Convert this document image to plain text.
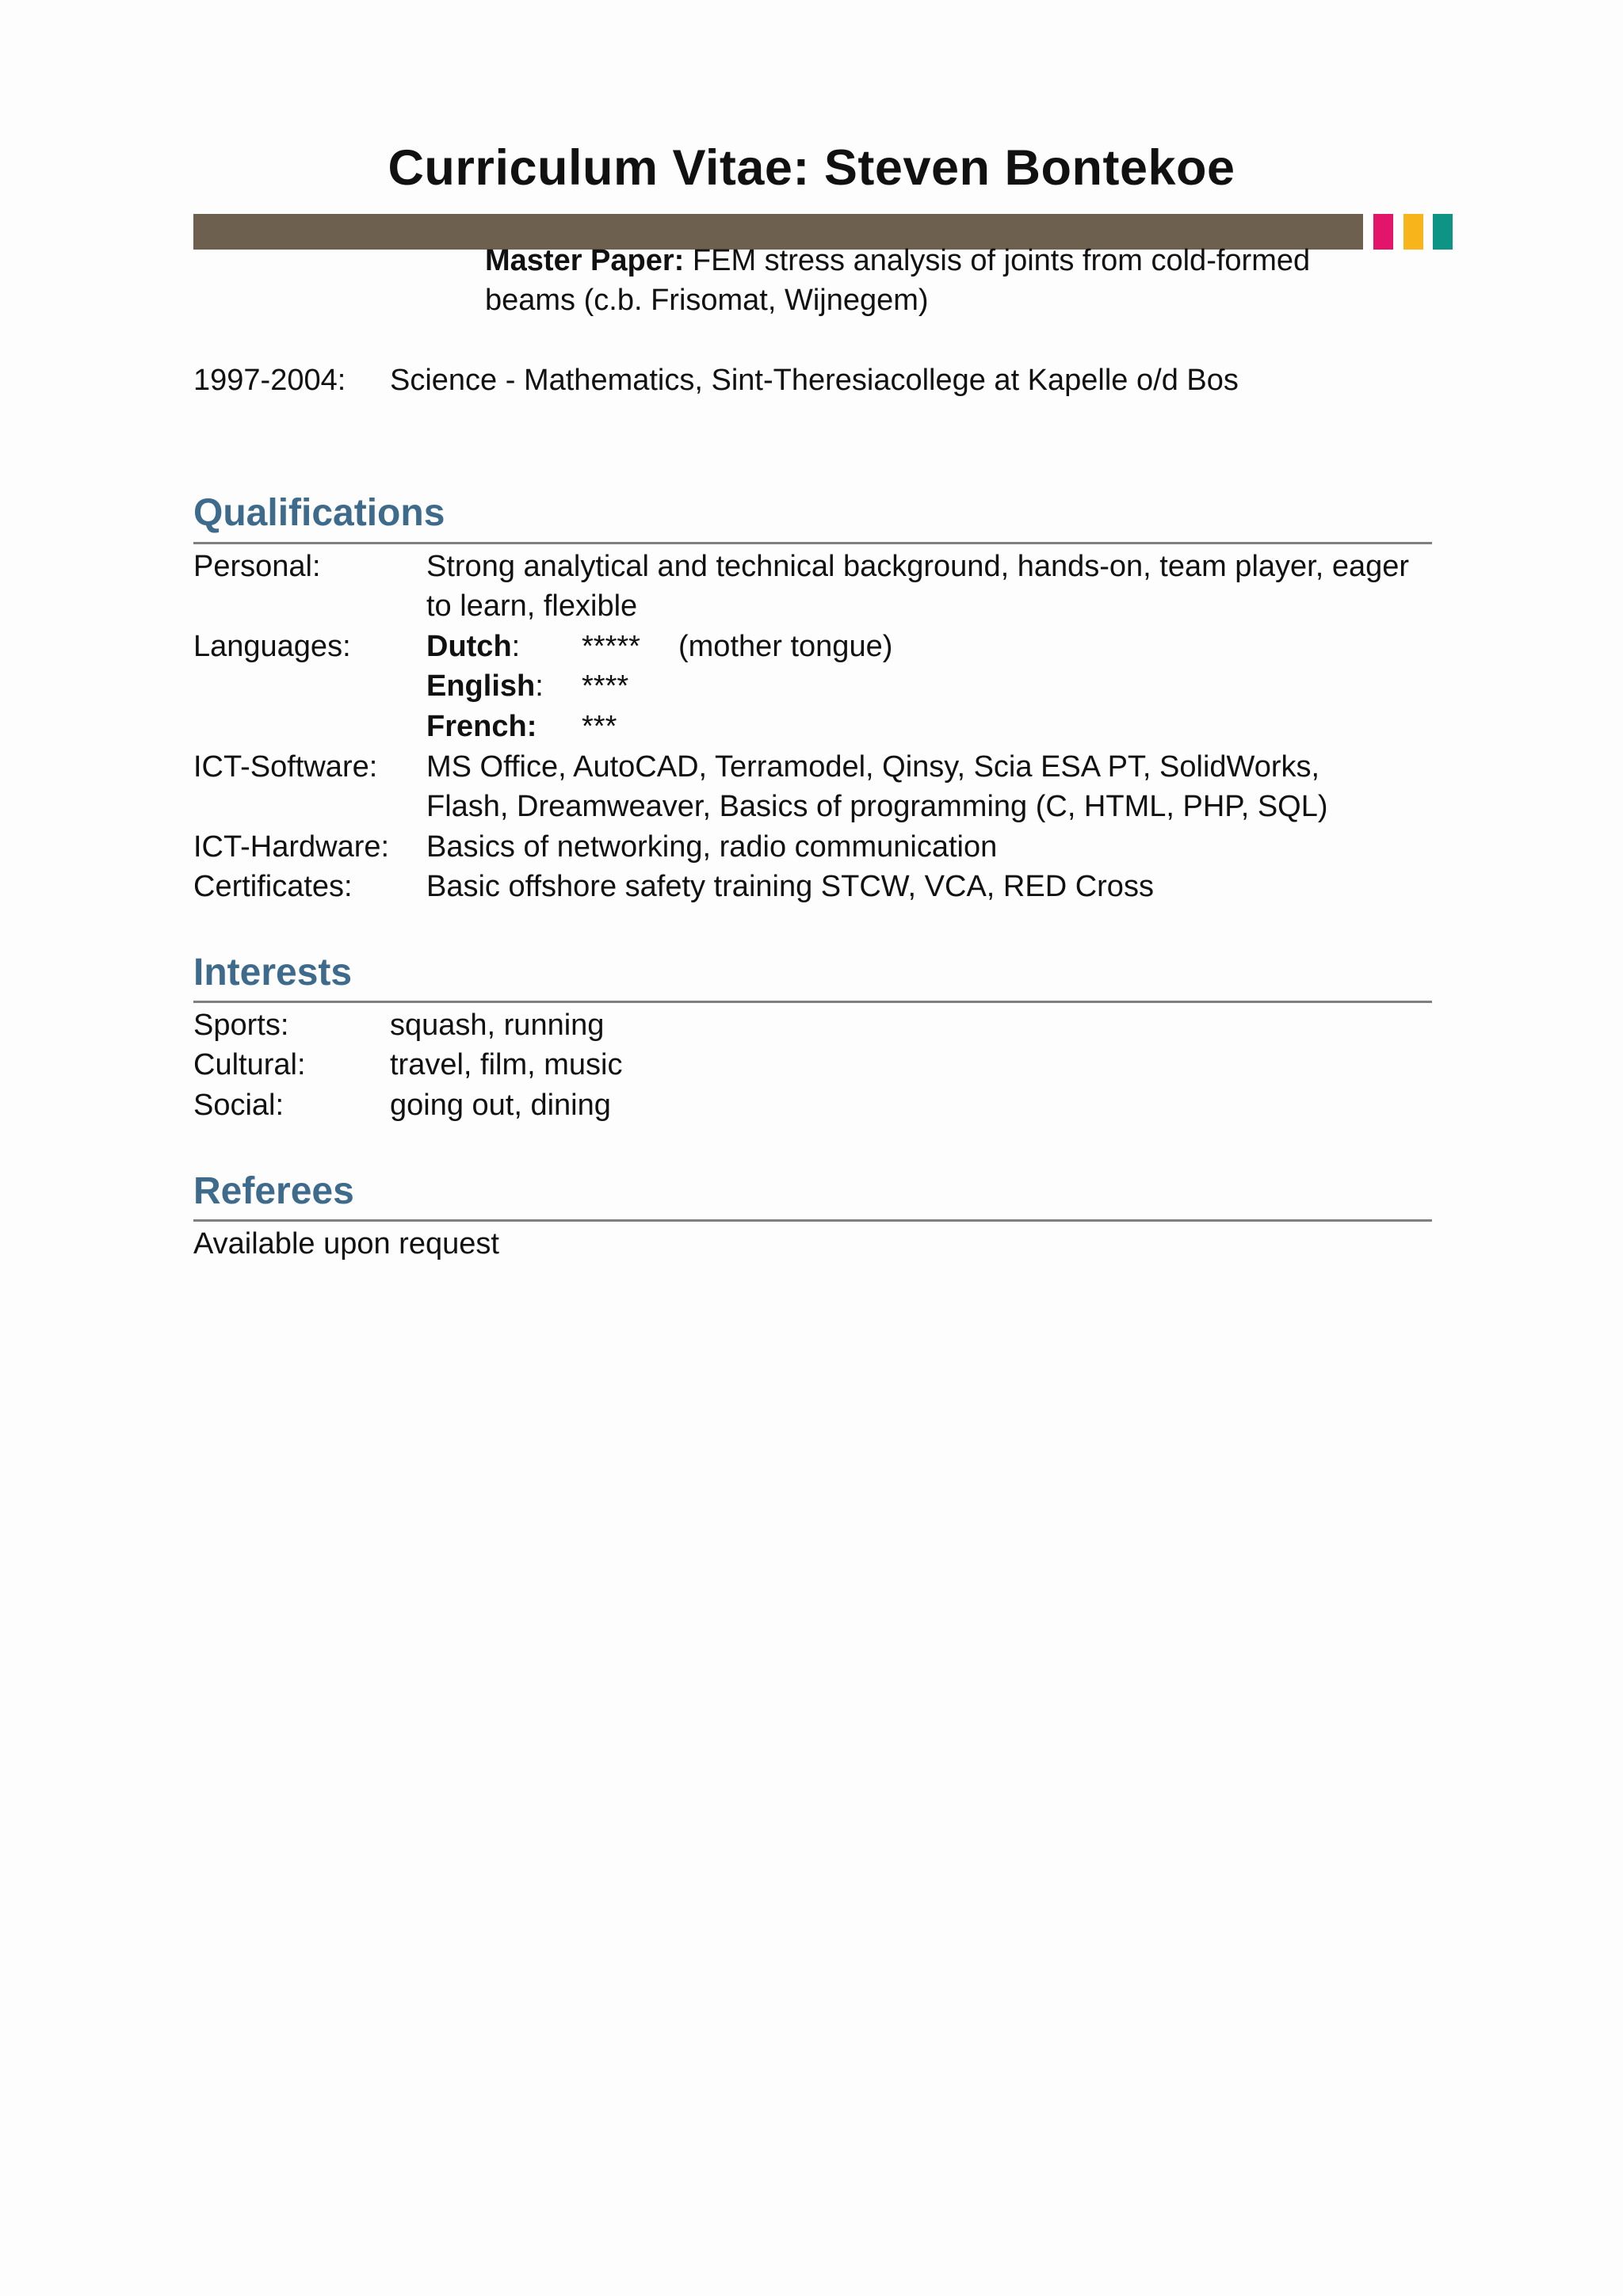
Curriculum Vitae: Steven Bontekoe
Master Paper: FEM stress analysis of joints from cold-formed
beams (c.b. Frisomat, Wijnegem)
1997-2004: Science - Mathematics, Sint-Theresiacollege at Kapelle o/d Bos
Qualifications
Personal:	Strong analytical and technical background, hands-on, team player, eager
to learn, flexible
Languages:	Dutch: ***** (mother tongue)
English: ****
French: ***
ICT-Software: MS Office, AutoCAD, Terramodel, Qinsy, Scia ESA PT, SolidWorks,
Flash, Dreamweaver, Basics of programming (C, HTML, PHP, SQL)
ICT-Hardware: Basics of networking, radio communication
Certificates: Basic offshore safety training STCW, VCA, RED Cross
Interests
Sports:	squash, running
Cultural:	travel, film, music
Social:	going out, dining
Referees
Available upon request
